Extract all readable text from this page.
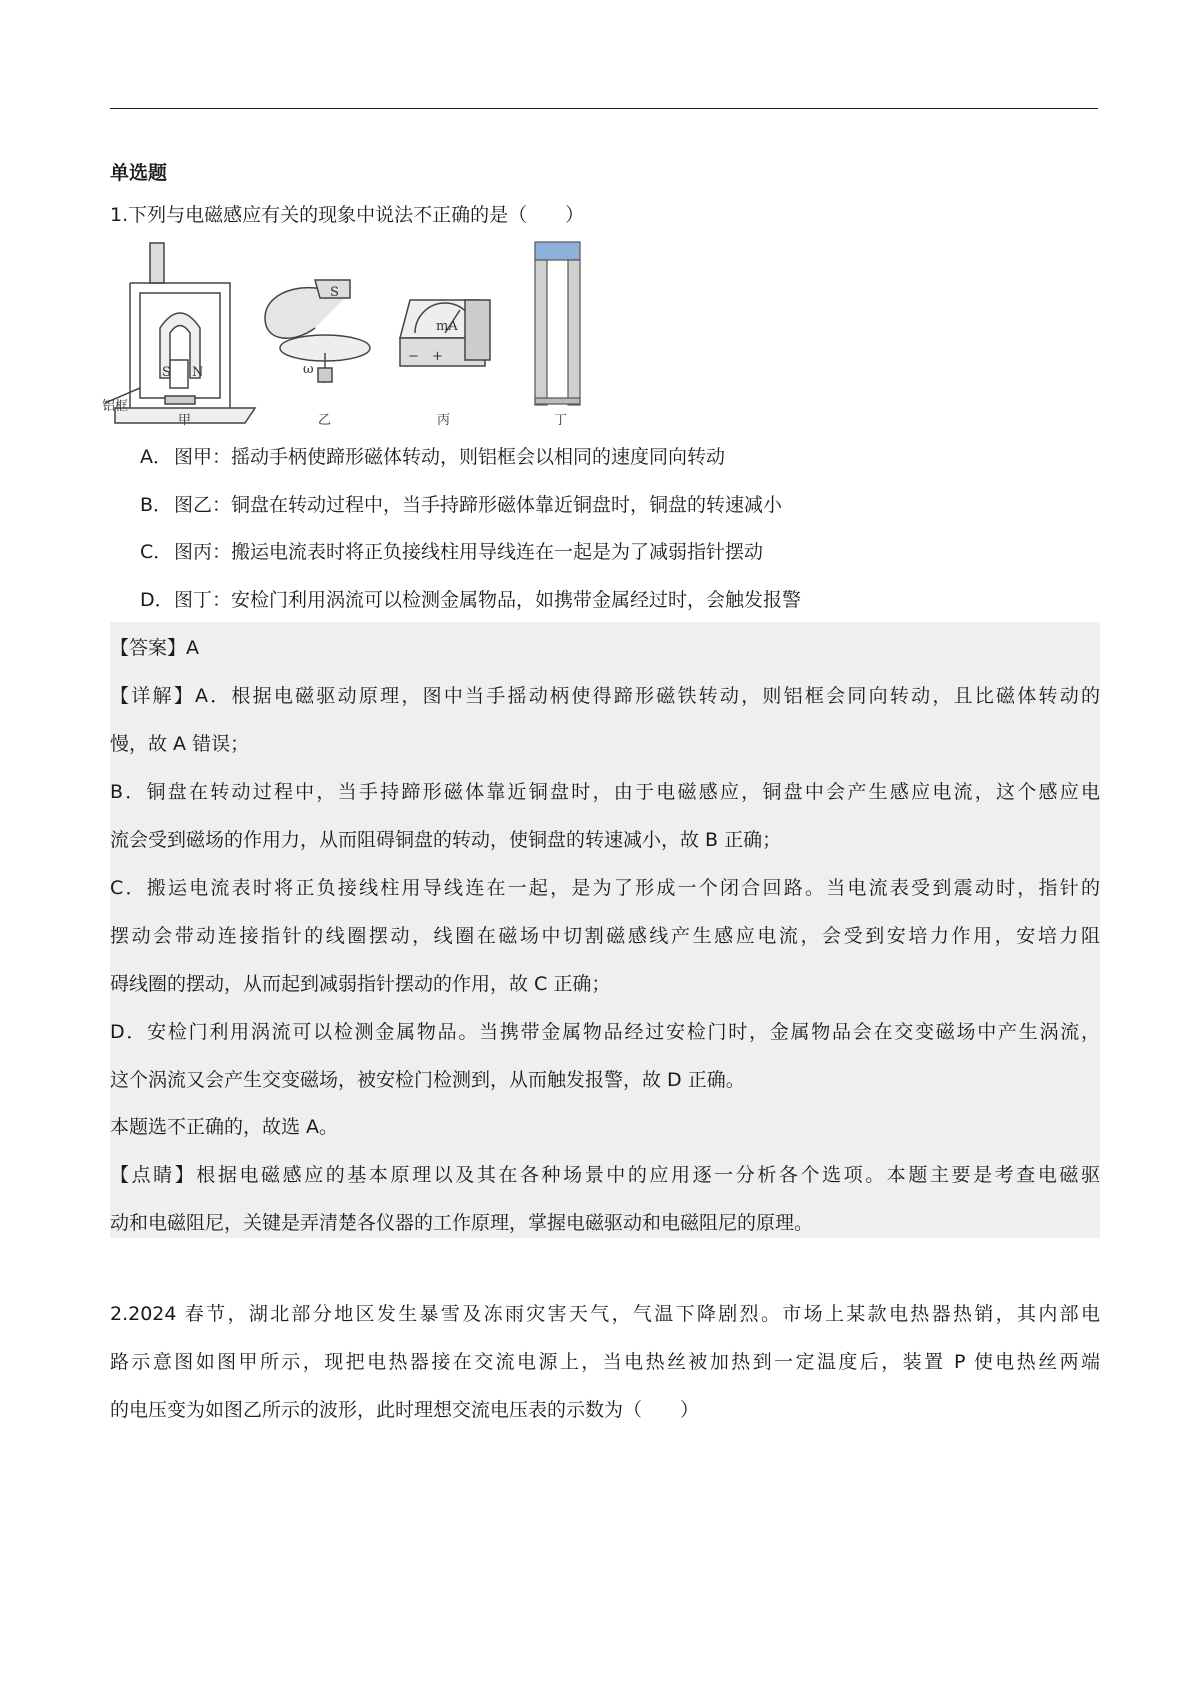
单选题
1.下列与电磁感应有关的现象中说法不正确的是（　　）
S N
铝框
甲
S
ω
乙
mA
− +
丙	丁
A． 图甲：摇动手柄使蹄形磁体转动，则铝框会以相同的速度同向转动
B． 图乙：铜盘在转动过程中，当手持蹄形磁体靠近铜盘时，铜盘的转速减小
C．图丙：搬运电流表时将正负接线柱用导线连在一起是为了减弱指针摆动
D．图丁：安检门利用涡流可以检测金属物品，如携带金属经过时，会触发报警
【答案】A
【详解】A．根据电磁驱动原理，图中当手摇动柄使得蹄形磁铁转动，则铝框会同向转动，且比磁体转动的
慢，故 A 错误；
B．铜盘在转动过程中，当手持蹄形磁体靠近铜盘时，由于电磁感应，铜盘中会产生感应电流，这个感应电
流会受到磁场的作用力，从而阻碍铜盘的转动，使铜盘的转速减小，故 B 正确；
C．搬运电流表时将正负接线柱用导线连在一起，是为了形成一个闭合回路。当电流表受到震动时，指针的
摆动会带动连接指针的线圈摆动，线圈在磁场中切割磁感线产生感应电流，会受到安培力作用，安培力阻
碍线圈的摆动，从而起到减弱指针摆动的作用，故 C 正确；
D．安检门利用涡流可以检测金属物品。当携带金属物品经过安检门时，金属物品会在交变磁场中产生涡流，
这个涡流又会产生交变磁场，被安检门检测到，从而触发报警，故 D 正确。
本题选不正确的，故选 A。
【点睛】根据电磁感应的基本原理以及其在各种场景中的应用逐一分析各个选项。本题主要是考查电磁驱
动和电磁阻尼，关键是弄清楚各仪器的工作原理，掌握电磁驱动和电磁阻尼的原理。
2.2024 春节，湖北部分地区发生暴雪及冻雨灾害天气，气温下降剧烈。市场上某款电热器热销，其内部电
路示意图如图甲所示，现把电热器接在交流电源上，当电热丝被加热到一定温度后，装置 P 使电热丝两端
的电压变为如图乙所示的波形，此时理想交流电压表的示数为（　　）
